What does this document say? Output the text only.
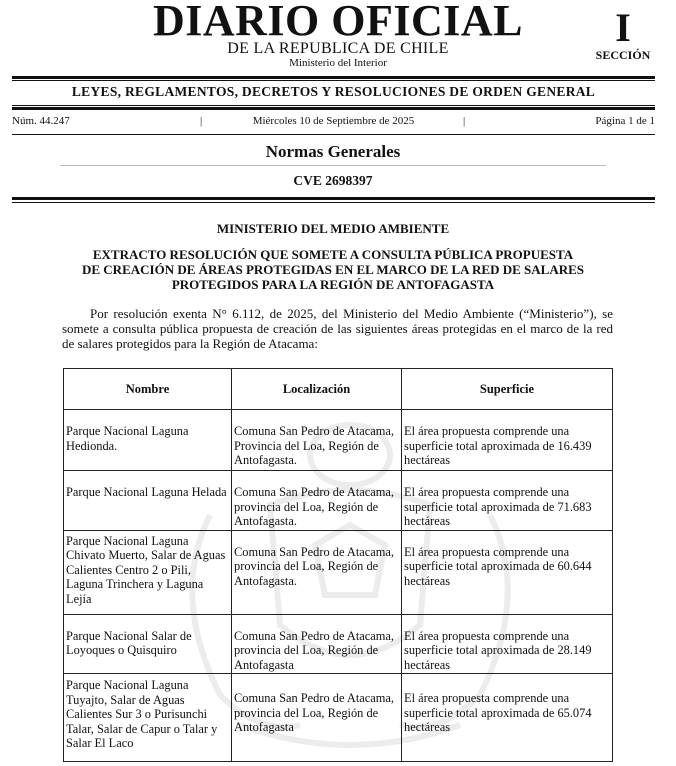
DIARIO OFICIAL
DE LA REPUBLICA DE CHILE
Ministerio del Interior
I
SECCIÓN
LEYES, REGLAMENTOS, DECRETOS Y RESOLUCIONES DE ORDEN GENERAL
Núm. 44.247	|	Miércoles 10 de Septiembre de 2025	|	Página 1 de 1
Normas Generales
CVE 2698397
MINISTERIO DEL MEDIO AMBIENTE
EXTRACTO RESOLUCIÓN QUE SOMETE A CONSULTA PÚBLICA PROPUESTA
DE CREACIÓN DE ÁREAS PROTEGIDAS EN EL MARCO DE LA RED DE SALARES
PROTEGIDOS PARA LA REGIÓN DE ANTOFAGASTA

Por resolución exenta N° 6.112, de 2025, del Ministerio del Medio Ambiente (“Ministerio”), se somete a consulta pública propuesta de creación de las siguientes áreas protegidas en el marco de la red de salares protegidos para la Región de Atacama:

Nombre	Localización	Superficie
Parque Nacional Laguna Hedionda.	Comuna San Pedro de Atacama, Provincia del Loa, Región de Antofagasta.	El área propuesta comprende una superficie total aproximada de 16.439 hectáreas
Parque Nacional Laguna Helada	Comuna San Pedro de Atacama, provincia del Loa, Región de Antofagasta.	El área propuesta comprende una superficie total aproximada de 71.683 hectáreas
Parque Nacional Laguna Chivato Muerto, Salar de Aguas Calientes Centro 2 o Pili, Laguna Trinchera y Laguna Lejía	Comuna San Pedro de Atacama, provincia del Loa, Región de Antofagasta.	El área propuesta comprende una superficie total aproximada de 60.644 hectáreas
Parque Nacional Salar de Loyoques o Quisquiro	Comuna San Pedro de Atacama, provincia del Loa, Región de Antofagasta	El área propuesta comprende una superficie total aproximada de 28.149 hectáreas
Parque Nacional Laguna Tuyajto, Salar de Aguas Calientes Sur 3 o Purisunchi Talar, Salar de Capur o Talar y Salar El Laco	Comuna San Pedro de Atacama, provincia del Loa, Región de Antofagasta	El área propuesta comprende una superficie total aproximada de 65.074 hectáreas
